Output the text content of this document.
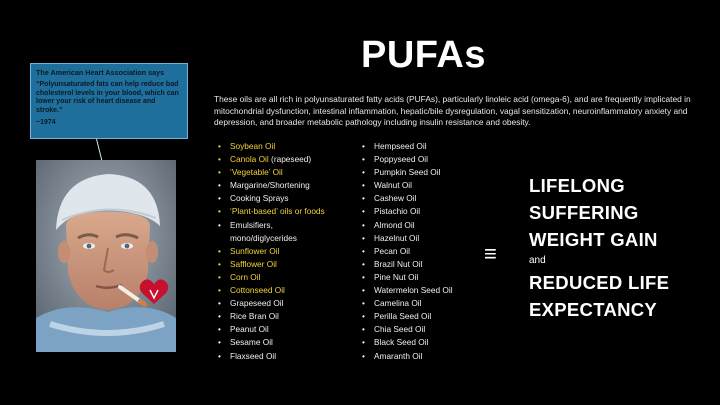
The American Heart Association says
“Polyunsaturated fats can help reduce bad cholesterol levels in your blood, which can lower your risk of heart disease and stroke.”
~1974
PUFAs
These oils are all rich in polyunsaturated fatty acids (PUFAs), particularly linoleic acid (omega-6), and are frequently implicated in mitochondrial dysfunction, intestinal inflammation, hepatic/bile dysregulation, vagal sensitization, neuroinflammatory anxiety and depression, and broader metabolic pathology including insulin resistance and obesity.
• Soybean Oil
• Canola Oil (rapeseed)
• ‘Vegetable’ Oil
• Margarine/Shortening
• Cooking Sprays
• ‘Plant-based’ oils or foods
• Emulsifiers, mono/diglycerides
• Sunflower Oil
• Safflower Oil
• Corn Oil
• Cottonseed Oil
• Grapeseed Oil
• Rice Bran Oil
• Peanut Oil
• Sesame Oil
• Flaxseed Oil
• Hempseed Oil
• Poppyseed Oil
• Pumpkin Seed Oil
• Walnut Oil
• Cashew Oil
• Pistachio Oil
• Almond Oil
• Hazelnut Oil
• Pecan Oil
• Brazil Nut Oil
• Pine Nut Oil
• Watermelon Seed Oil
• Camelina Oil
• Perilla Seed Oil
• Chia Seed Oil
• Black Seed Oil
• Amaranth Oil
≡
LIFELONG
SUFFERING
WEIGHT GAIN
and
REDUCED LIFE
EXPECTANCY
